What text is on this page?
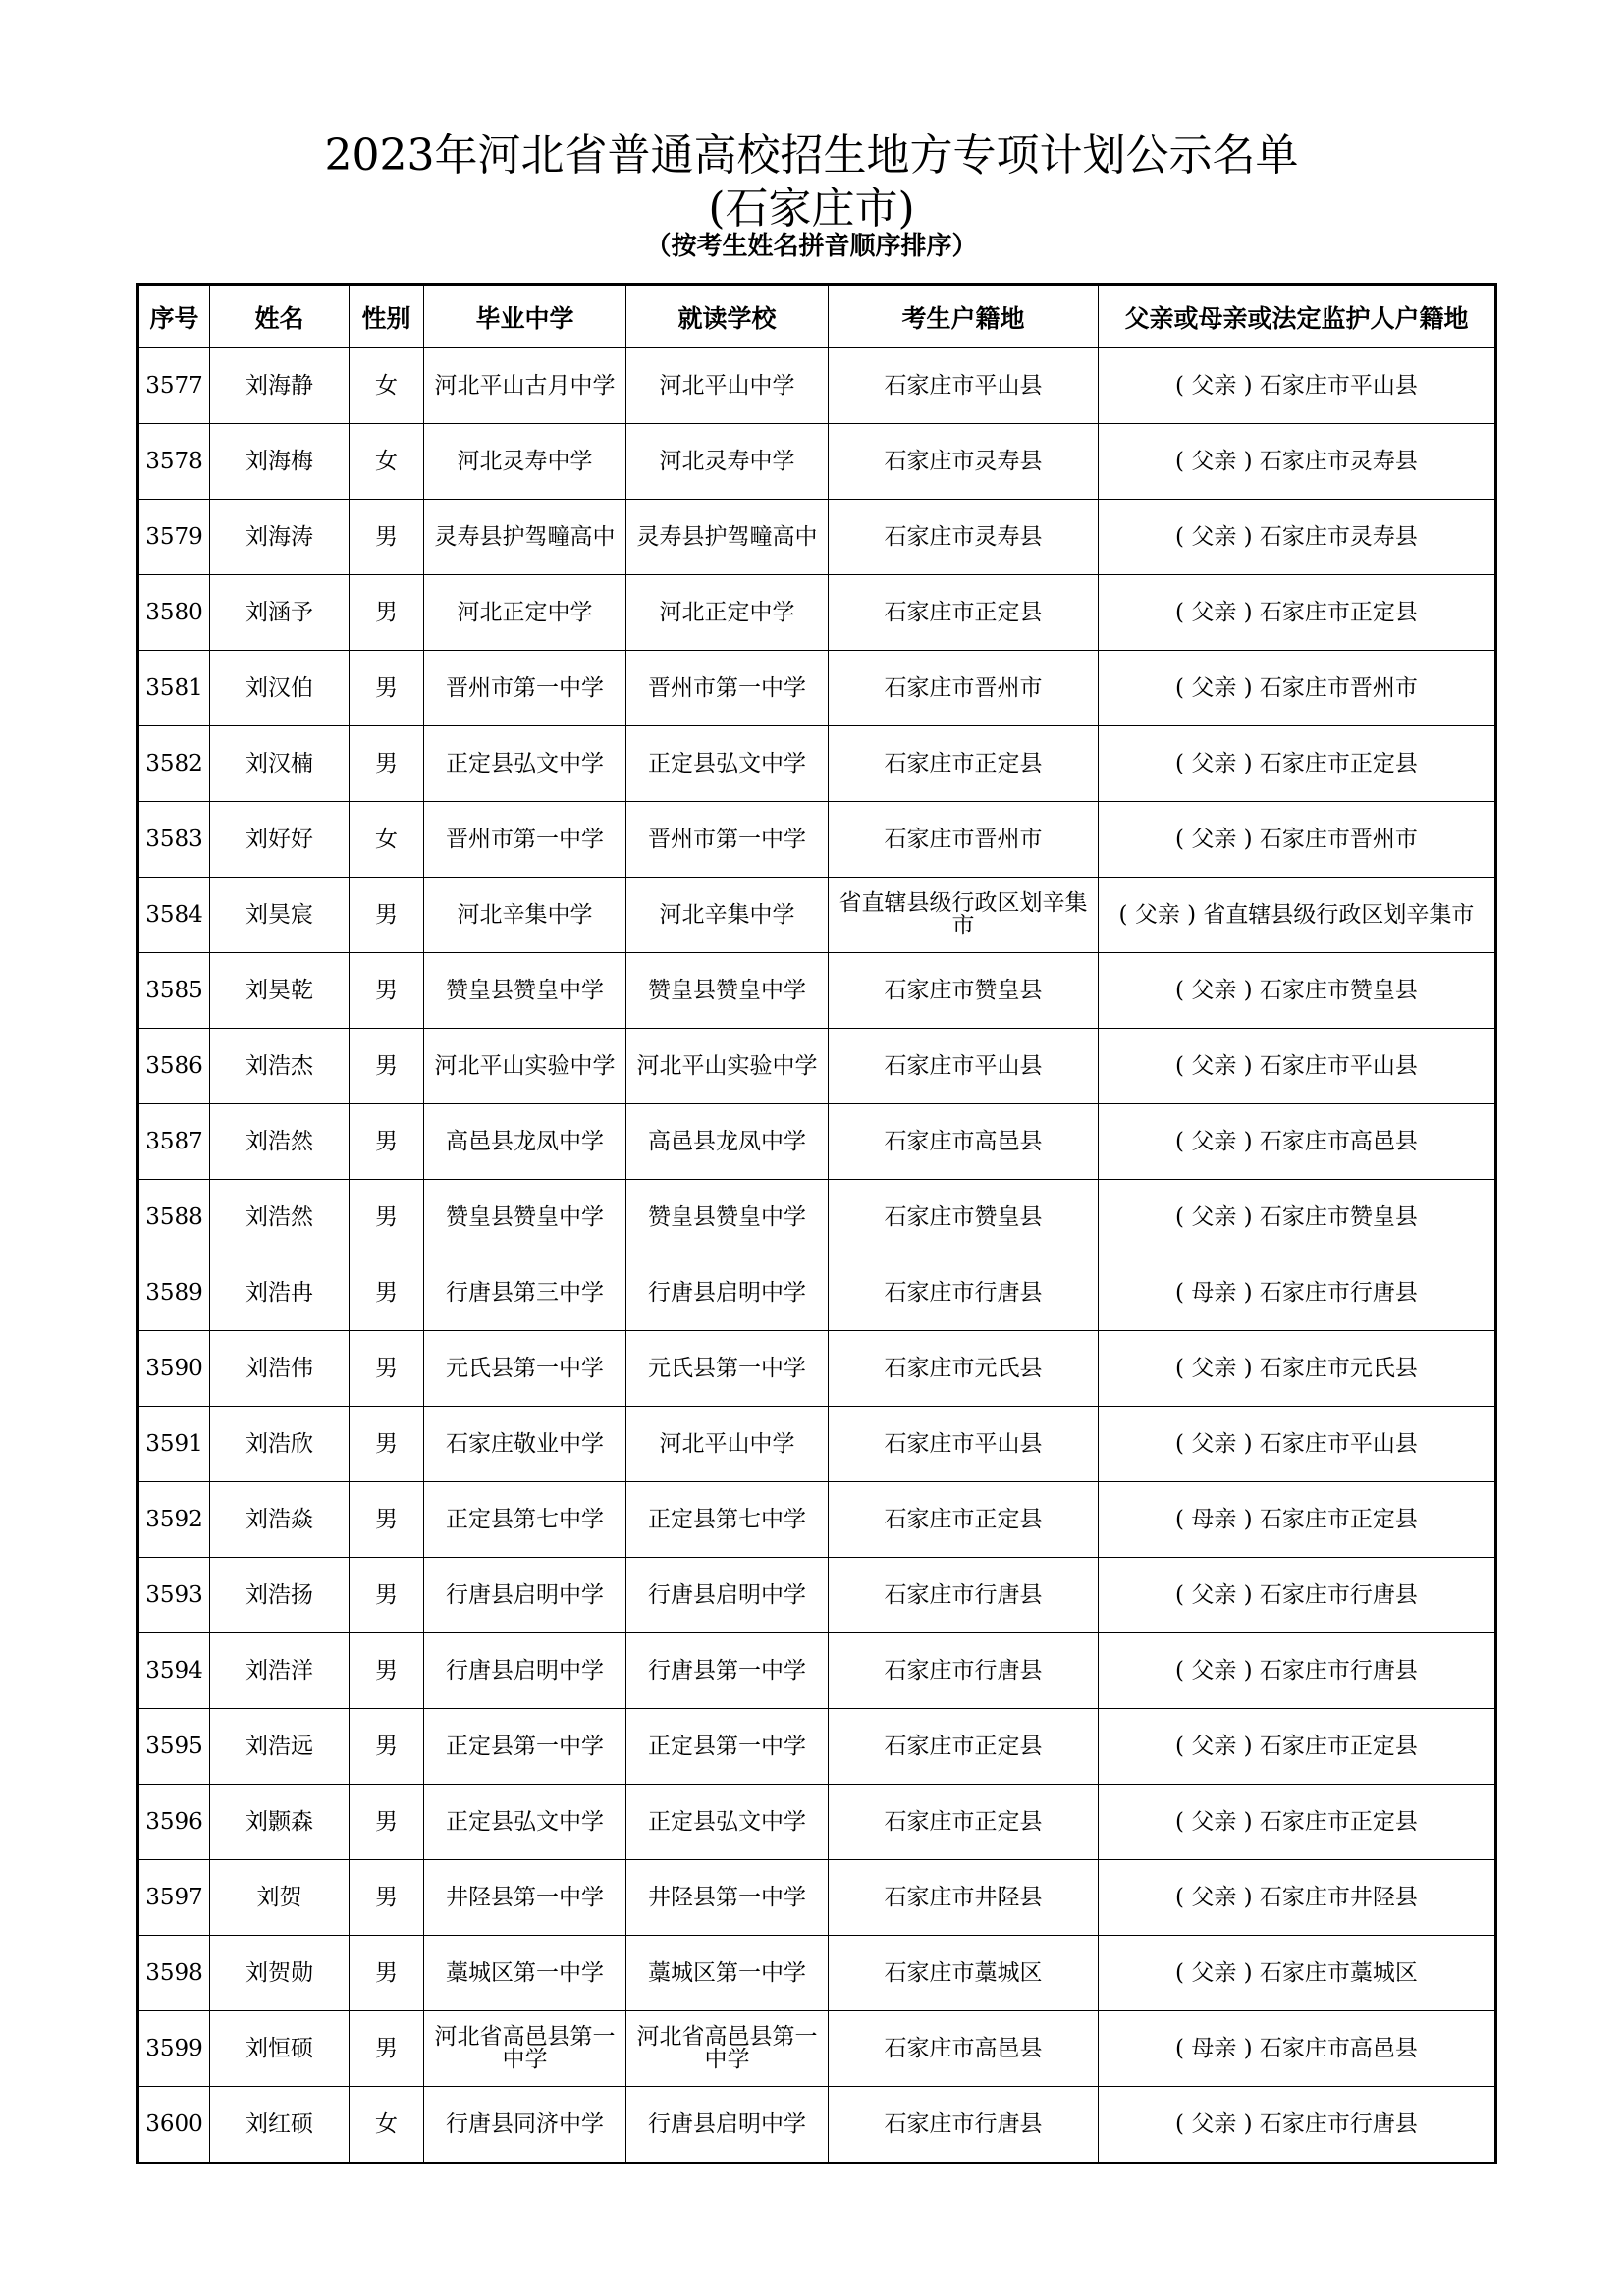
2023年河北省普通高校招生地方专项计划公示名单
(石家庄市)
（按考生姓名拼音顺序排序）
序号	姓名	性别	毕业中学	就读学校	考生户籍地	父亲或母亲或法定监护人户籍地
3577	刘海静	女	河北平山古月中学	河北平山中学	石家庄市平山县	( 父亲 ) 石家庄市平山县
3578	刘海梅	女	河北灵寿中学	河北灵寿中学	石家庄市灵寿县	( 父亲 ) 石家庄市灵寿县
3579	刘海涛	男	灵寿县护驾疃高中	灵寿县护驾疃高中	石家庄市灵寿县	( 父亲 ) 石家庄市灵寿县
3580	刘涵予	男	河北正定中学	河北正定中学	石家庄市正定县	( 父亲 ) 石家庄市正定县
3581	刘汉伯	男	晋州市第一中学	晋州市第一中学	石家庄市晋州市	( 父亲 ) 石家庄市晋州市
3582	刘汉楠	男	正定县弘文中学	正定县弘文中学	石家庄市正定县	( 父亲 ) 石家庄市正定县
3583	刘好好	女	晋州市第一中学	晋州市第一中学	石家庄市晋州市	( 父亲 ) 石家庄市晋州市
3584	刘昊宸	男	河北辛集中学	河北辛集中学	省直辖县级行政区划辛集市	( 父亲 ) 省直辖县级行政区划辛集市
3585	刘昊乾	男	赞皇县赞皇中学	赞皇县赞皇中学	石家庄市赞皇县	( 父亲 ) 石家庄市赞皇县
3586	刘浩杰	男	河北平山实验中学	河北平山实验中学	石家庄市平山县	( 父亲 ) 石家庄市平山县
3587	刘浩然	男	高邑县龙凤中学	高邑县龙凤中学	石家庄市高邑县	( 父亲 ) 石家庄市高邑县
3588	刘浩然	男	赞皇县赞皇中学	赞皇县赞皇中学	石家庄市赞皇县	( 父亲 ) 石家庄市赞皇县
3589	刘浩冉	男	行唐县第三中学	行唐县启明中学	石家庄市行唐县	( 母亲 ) 石家庄市行唐县
3590	刘浩伟	男	元氏县第一中学	元氏县第一中学	石家庄市元氏县	( 父亲 ) 石家庄市元氏县
3591	刘浩欣	男	石家庄敬业中学	河北平山中学	石家庄市平山县	( 父亲 ) 石家庄市平山县
3592	刘浩焱	男	正定县第七中学	正定县第七中学	石家庄市正定县	( 母亲 ) 石家庄市正定县
3593	刘浩扬	男	行唐县启明中学	行唐县启明中学	石家庄市行唐县	( 父亲 ) 石家庄市行唐县
3594	刘浩洋	男	行唐县启明中学	行唐县第一中学	石家庄市行唐县	( 父亲 ) 石家庄市行唐县
3595	刘浩远	男	正定县第一中学	正定县第一中学	石家庄市正定县	( 父亲 ) 石家庄市正定县
3596	刘颢森	男	正定县弘文中学	正定县弘文中学	石家庄市正定县	( 父亲 ) 石家庄市正定县
3597	刘贺	男	井陉县第一中学	井陉县第一中学	石家庄市井陉县	( 父亲 ) 石家庄市井陉县
3598	刘贺勋	男	藁城区第一中学	藁城区第一中学	石家庄市藁城区	( 父亲 ) 石家庄市藁城区
3599	刘恒硕	男	河北省高邑县第一中学	河北省高邑县第一中学	石家庄市高邑县	( 母亲 ) 石家庄市高邑县
3600	刘红硕	女	行唐县同济中学	行唐县启明中学	石家庄市行唐县	( 父亲 ) 石家庄市行唐县
